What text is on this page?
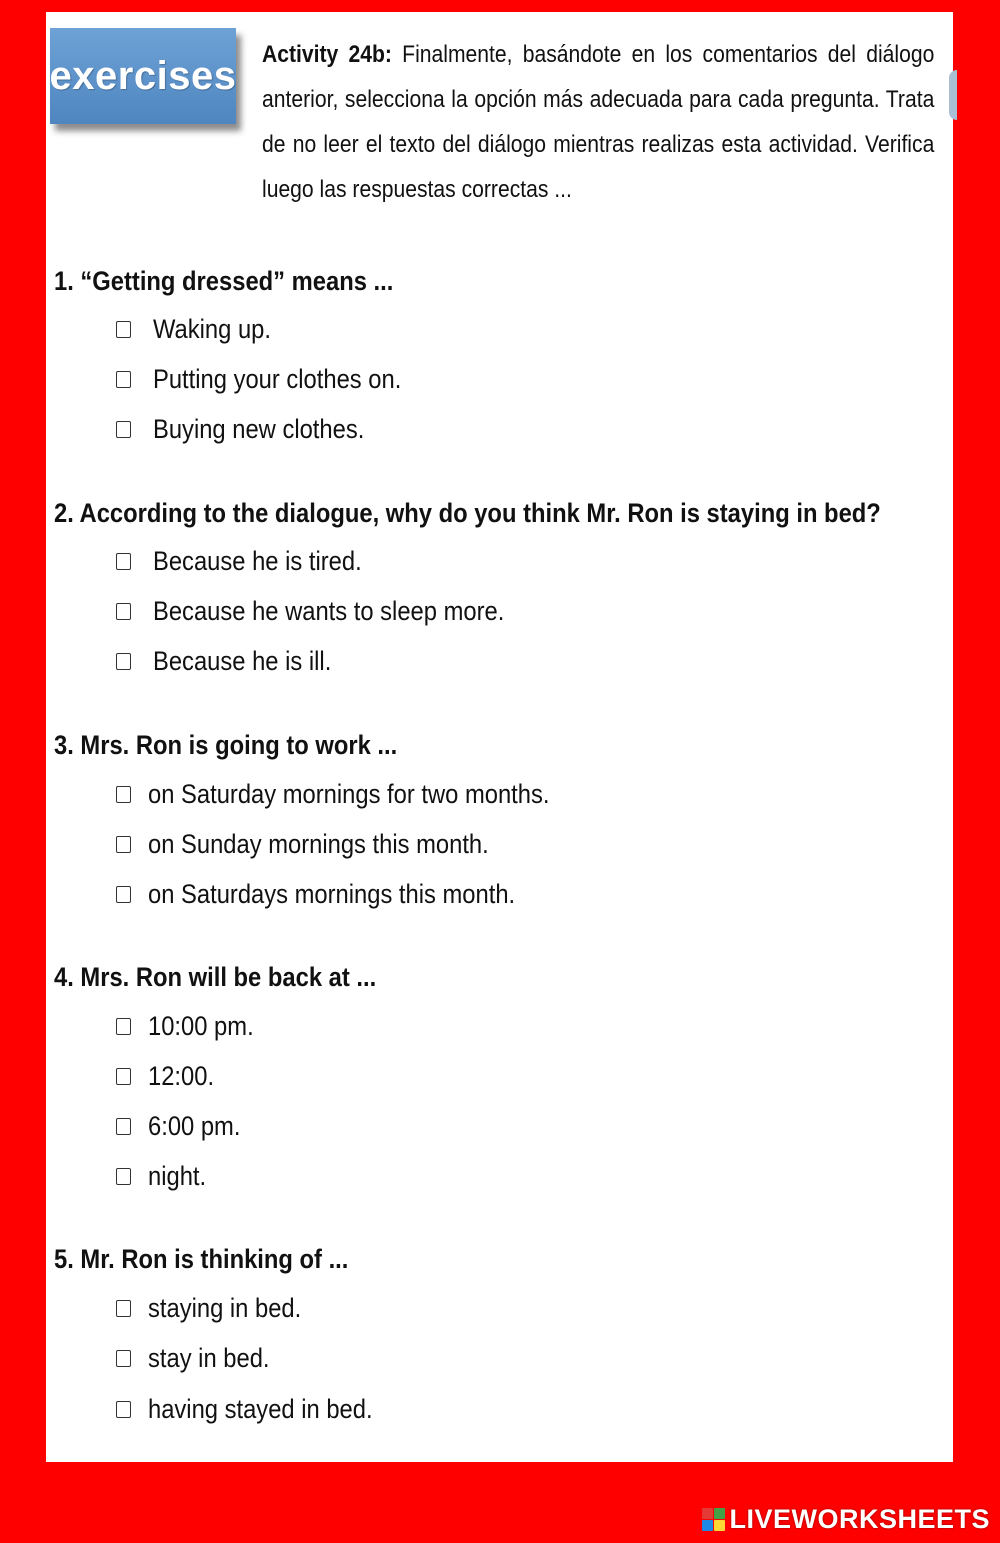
exercises Activity 24b: Finalmente, basándote en los comentarios del diálogo anterior, selecciona la opción más adecuada para cada pregunta. Trata de no leer el texto del diálogo mientras realizas esta actividad. Verifica luego las respuestas correctas ...
1. “Getting dressed” means ...
Waking up.
Putting your clothes on.
Buying new clothes.
2. According to the dialogue, why do you think Mr. Ron is staying in bed?
Because he is tired.
Because he wants to sleep more.
Because he is ill.
3. Mrs. Ron is going to work ...
on Saturday mornings for two months.
on Sunday mornings this month.
on Saturdays mornings this month.
4. Mrs. Ron will be back at ...
10:00 pm.
12:00.
6:00 pm.
night.
5. Mr. Ron is thinking of ...
staying in bed.
stay in bed.
having stayed in bed.
LIVEWORKSHEETS
